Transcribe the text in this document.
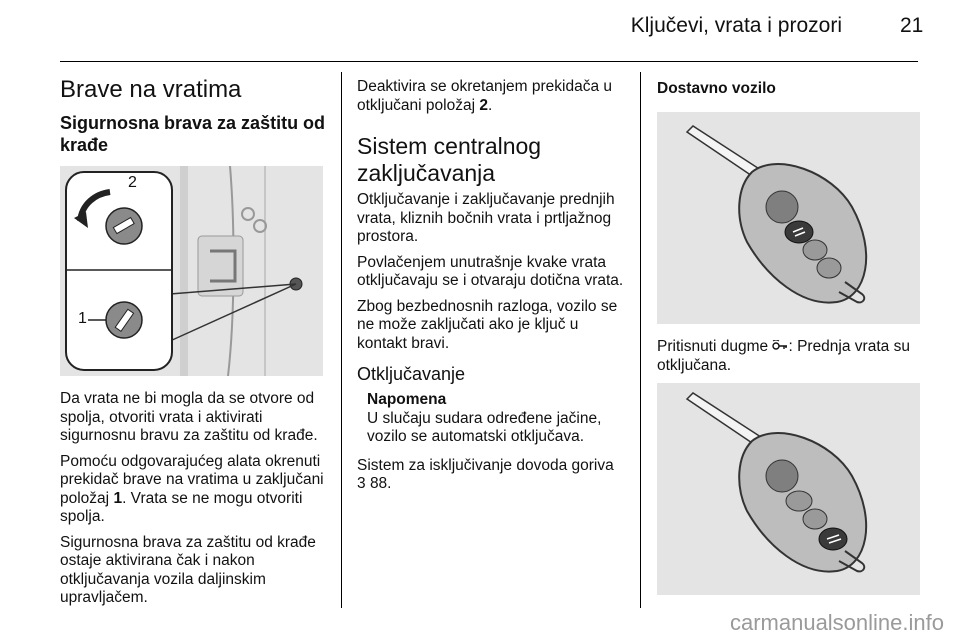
Ključevi, vrata i prozori	21
Brave na vratima
Sigurnosna brava za zaštitu od krađe
2
1

Da vrata ne bi mogla da se otvore od spolja, otvoriti vrata i aktivirati sigurnosnu bravu za zaštitu od krađe.

Pomoću odgovarajućeg alata okrenuti prekidač brave na vratima u zaključani položaj 1. Vrata se ne mogu otvoriti spolja.

Sigurnosna brava za zaštitu od krađe ostaje aktivirana čak i nakon otključavanja vozila daljinskim upravljačem.

Deaktivira se okretanjem prekidača u otključani položaj 2.

Sistem centralnog zaključavanja

Otključavanje i zaključavanje prednjih vrata, kliznih bočnih vrata i prtljažnog prostora.

Povlačenjem unutrašnje kvake vrata otključavaju se i otvaraju dotična vrata.

Zbog bezbednosnih razloga, vozilo se ne može zaključati ako je ključ u kontakt bravi.

Otključavanje
Napomena

U slučaju sudara određene jačine, vozilo se automatski otključava.

Sistem za isključivanje dovoda goriva
3 88.

Dostavno vozilo

Pritisnuti dugme : Prednja vrata su otključana.

carmanualsonline.info
